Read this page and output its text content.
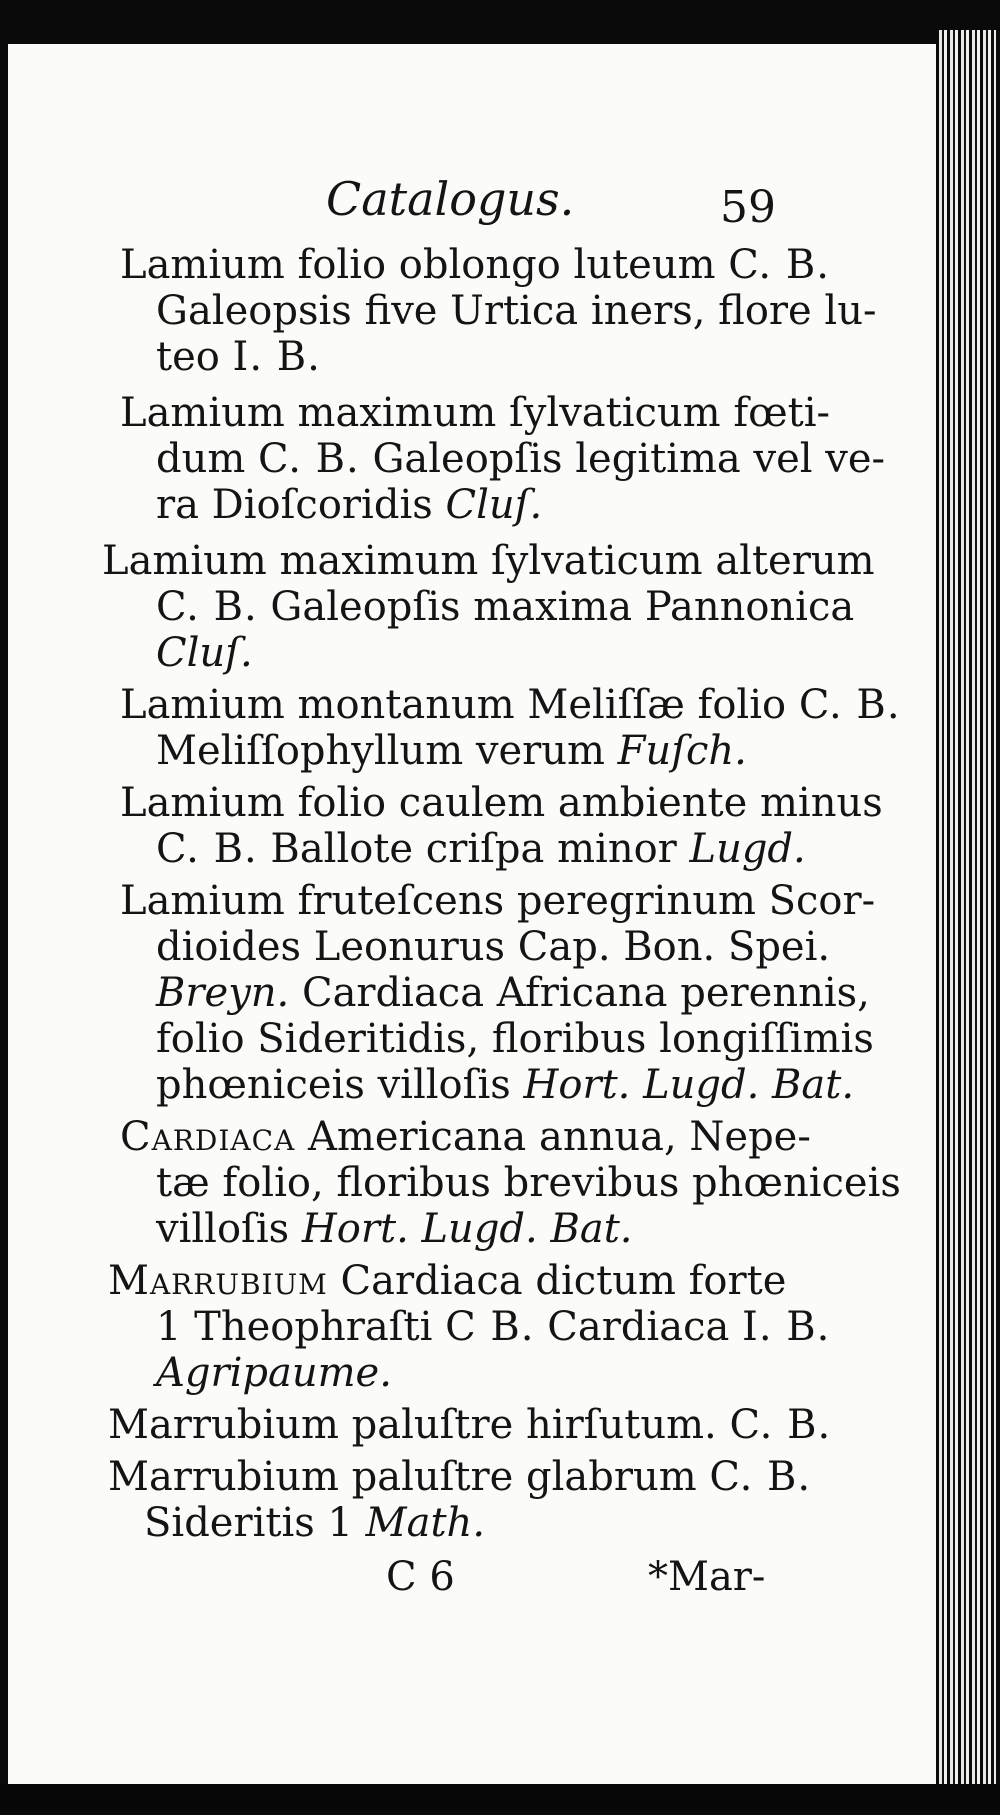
Catalogus.	59
Lamium folio oblongo luteum C. B.
Galeopsis five Urtica iners, flore lu-
teo I. B.
Lamium maximum ſylvaticum fœti-
dum C. B. Galeopſis legitima vel ve-
ra Dioſcoridis Cluſ.
Lamium maximum ſylvaticum alterum
C. B. Galeopſis maxima Pannonica
Cluſ.
Lamium montanum Meliſſæ folio C. B.
Meliſſophyllum verum Fuſch.
Lamium folio caulem ambiente minus
C. B. Ballote criſpa minor Lugd.
Lamium fruteſcens peregrinum Scor-
dioides Leonurus Cap. Bon. Spei.
Breyn. Cardiaca Africana perennis,
folio Sideritidis, floribus longiſſimis
phœniceis villoſis Hort. Lugd. Bat.
Cardiaca Americana annua, Nepe-
tæ folio, floribus brevibus phœniceis
villoſis Hort. Lugd. Bat.
Marrubium Cardiaca dictum forte
1 Theophraſti C B. Cardiaca I. B.
Agripaume.
Marrubium paluſtre hirſutum. C. B.
Marrubium paluſtre glabrum C. B.
Sideritis 1 Math.
C 6	*Mar-
